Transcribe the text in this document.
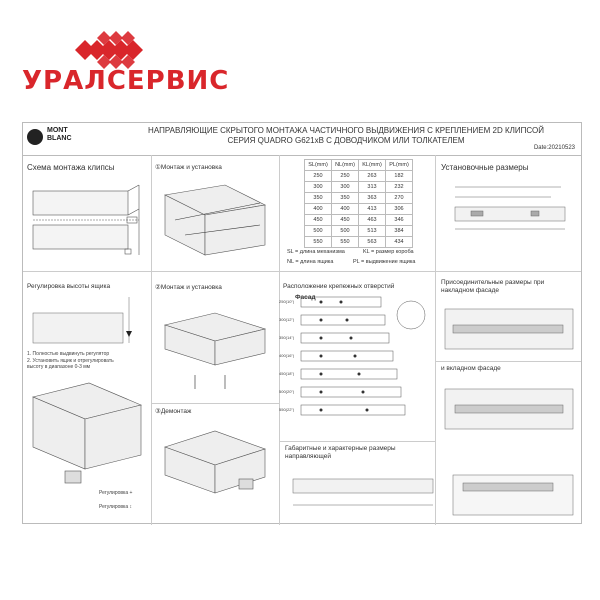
УРАЛСЕРВИС
MONT
BLANC
НАПРАВЛЯЮЩИЕ СКРЫТОГО МОНТАЖА ЧАСТИЧНОГО ВЫДВИЖЕНИЯ С КРЕПЛЕНИЕМ 2D КЛИПСОЙ
СЕРИЯ QUADRO G621xB С ДОВОДЧИКОМ ИЛИ ТОЛКАТЕЛЕМ
Date:20210523
Схема монтажа клипсы	①Монтаж и установка	Установочные размеры
Регулировка высоты ящика	②Монтаж и установка	Расположение крепежных отверстий
Фасад
Присоединительные размеры при накладном фасаде
и вкладном фасаде
③Демонтаж
Габаритные и характерные размеры направляющей
SL(mm)	NL(mm)	KL(mm)	PL(mm)
250	250	263	182
300	300	313	232
350	350	363	270
400	400	413	306
450	450	463	346
500	500	513	384
550	550	563	434
SL = длина механизма	KL = размер короба
NL = длина ящика	PL = выдвижение ящика
1. Полностью выдвинуть регулятор
2. Установить ящик и отрегулировать
высоту в диапазоне 0-3 мм
Регулировка +
Регулировка ↕
250(10")
300(12")
350(14")
400(16")
450(18")
500(20")
550(22")
